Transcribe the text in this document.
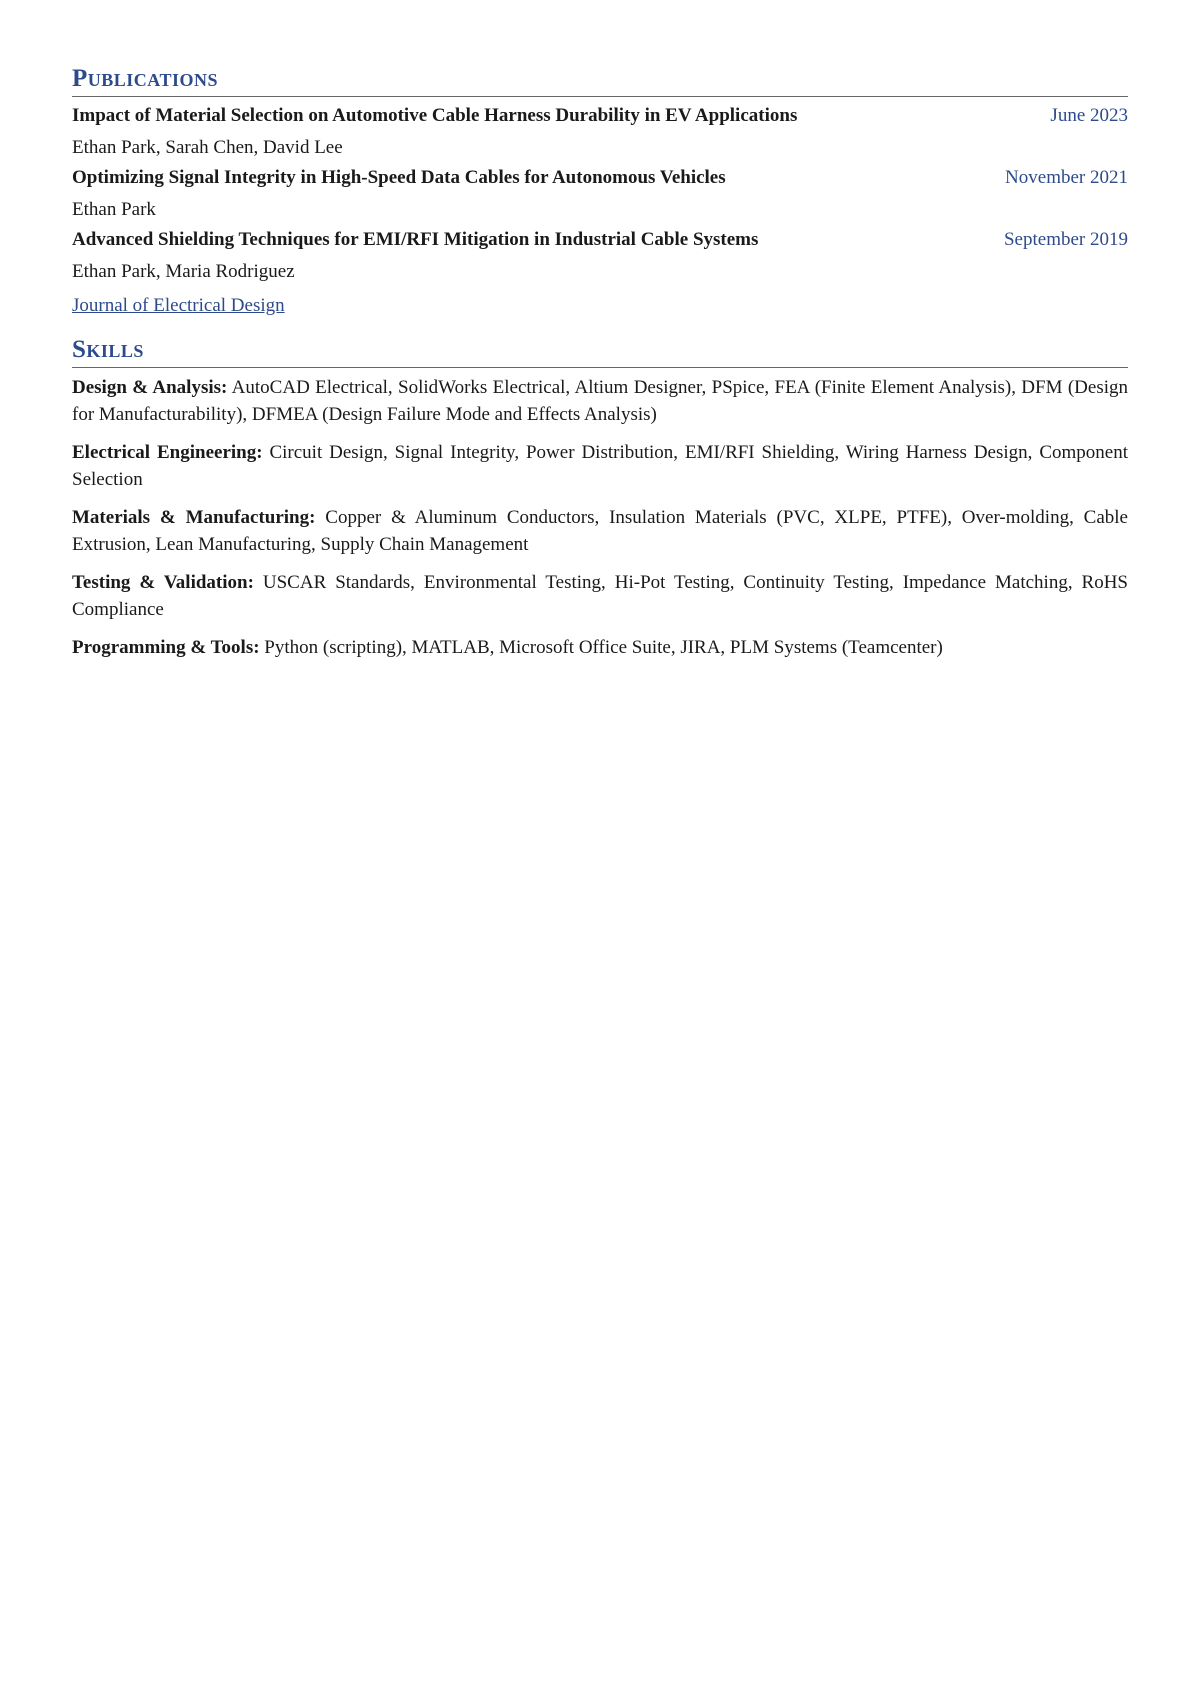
Publications
Impact of Material Selection on Automotive Cable Harness Durability in EV Applications	June 2023
Ethan Park, Sarah Chen, David Lee
Optimizing Signal Integrity in High-Speed Data Cables for Autonomous Vehicles	November 2021
Ethan Park
Advanced Shielding Techniques for EMI/RFI Mitigation in Industrial Cable Systems	September 2019
Ethan Park, Maria Rodriguez
Journal of Electrical Design
Skills
Design & Analysis: AutoCAD Electrical, SolidWorks Electrical, Altium Designer, PSpice, FEA (Finite Element Analysis), DFM (Design for Manufacturability), DFMEA (Design Failure Mode and Effects Analysis)
Electrical Engineering: Circuit Design, Signal Integrity, Power Distribution, EMI/RFI Shielding, Wiring Harness Design, Component Selection
Materials & Manufacturing: Copper & Aluminum Conductors, Insulation Materials (PVC, XLPE, PTFE), Over-molding, Cable Extrusion, Lean Manufacturing, Supply Chain Management
Testing & Validation: USCAR Standards, Environmental Testing, Hi-Pot Testing, Continuity Testing, Impedance Matching, RoHS Compliance
Programming & Tools: Python (scripting), MATLAB, Microsoft Office Suite, JIRA, PLM Systems (Teamcenter)
